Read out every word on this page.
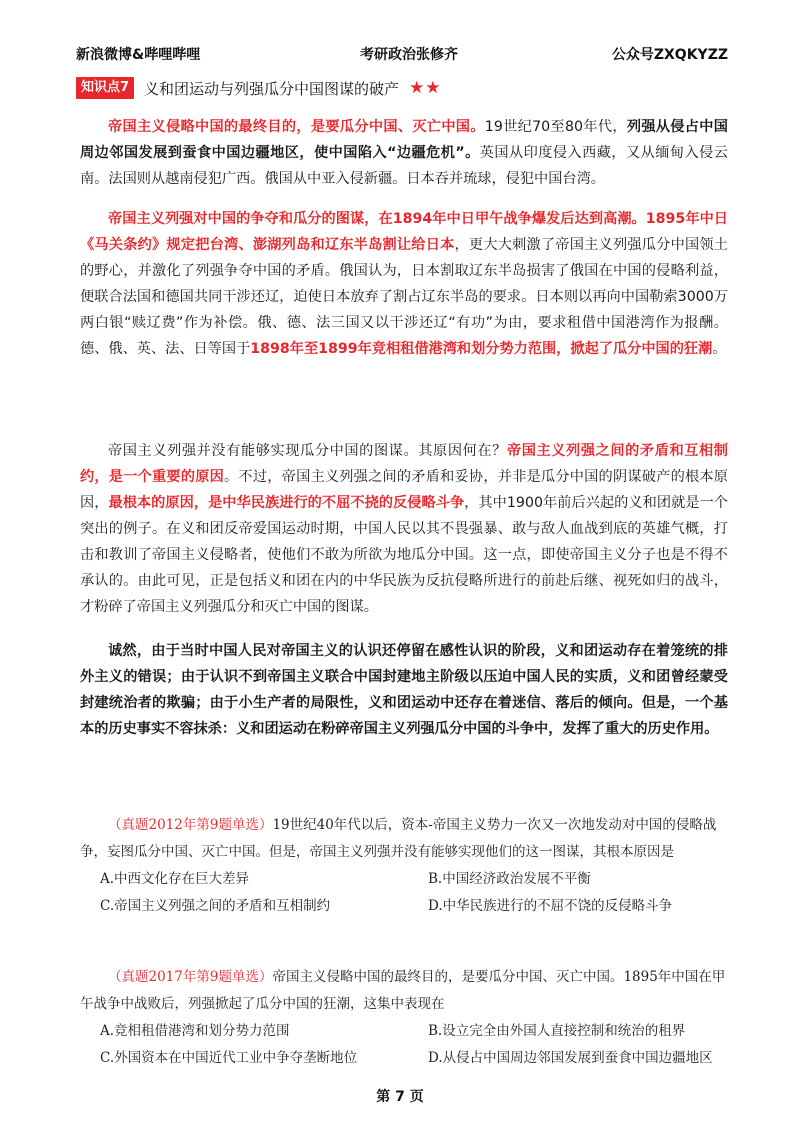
新浪微博&哔哩哔哩	考研政治张修齐	公众号ZXQKYZZ
知识点7	义和团运动与列强瓜分中国图谋的破产 ★★

帝国主义侵略中国的最终目的，是要瓜分中国、灭亡中国。19世纪70至80年代，列强从侵占中国周边邻国发展到蚕食中国边疆地区，使中国陷入“边疆危机”。英国从印度侵入西藏，又从缅甸入侵云南。法国则从越南侵犯广西。俄国从中亚入侵新疆。日本吞并琉球，侵犯中国台湾。

帝国主义列强对中国的争夺和瓜分的图谋，在1894年中日甲午战争爆发后达到高潮。1895年中日《马关条约》规定把台湾、澎湖列岛和辽东半岛割让给日本，更大大刺激了帝国主义列强瓜分中国领土的野心，并激化了列强争夺中国的矛盾。俄国认为，日本割取辽东半岛损害了俄国在中国的侵略利益，便联合法国和德国共同干涉还辽，迫使日本放弃了割占辽东半岛的要求。日本则以再向中国勒索3000万两白银“赎辽费”作为补偿。俄、德、法三国又以干涉还辽“有功”为由，要求租借中国港湾作为报酬。德、俄、英、法、日等国于1898年至1899年竞相租借港湾和划分势力范围，掀起了瓜分中国的狂潮。

帝国主义列强并没有能够实现瓜分中国的图谋。其原因何在？帝国主义列强之间的矛盾和互相制约，是一个重要的原因。不过，帝国主义列强之间的矛盾和妥协，并非是瓜分中国的阴谋破产的根本原因，最根本的原因，是中华民族进行的不屈不挠的反侵略斗争，其中1900年前后兴起的义和团就是一个突出的例子。在义和团反帝爱国运动时期，中国人民以其不畏强暴、敢与敌人血战到底的英雄气概，打击和教训了帝国主义侵略者，使他们不敢为所欲为地瓜分中国。这一点，即使帝国主义分子也是不得不承认的。由此可见，正是包括义和团在内的中华民族为反抗侵略所进行的前赴后继、视死如归的战斗，才粉碎了帝国主义列强瓜分和灭亡中国的图谋。

诚然，由于当时中国人民对帝国主义的认识还停留在感性认识的阶段，义和团运动存在着笼统的排外主义的错误；由于认识不到帝国主义联合中国封建地主阶级以压迫中国人民的实质，义和团曾经蒙受封建统治者的欺骗；由于小生产者的局限性，义和团运动中还存在着迷信、落后的倾向。但是，一个基本的历史事实不容抹杀：义和团运动在粉碎帝国主义列强瓜分中国的斗争中，发挥了重大的历史作用。

（真题2012年第9题单选）19世纪40年代以后，资本-帝国主义势力一次又一次地发动对中国的侵略战争，妄图瓜分中国、灭亡中国。但是，帝国主义列强并没有能够实现他们的这一图谋，其根本原因是
A.中西文化存在巨大差异	B.中国经济政治发展不平衡
C.帝国主义列强之间的矛盾和互相制约	D.中华民族进行的不屈不饶的反侵略斗争
（真题2017年第9题单选）帝国主义侵略中国的最终目的，是要瓜分中国、灭亡中国。1895年中国在甲午战争中战败后，列强掀起了瓜分中国的狂潮，这集中表现在
A.竞相租借港湾和划分势力范围	B.设立完全由外国人直接控制和统治的租界
C.外国资本在中国近代工业中争夺垄断地位	D.从侵占中国周边邻国发展到蚕食中国边疆地区
第 7 页
